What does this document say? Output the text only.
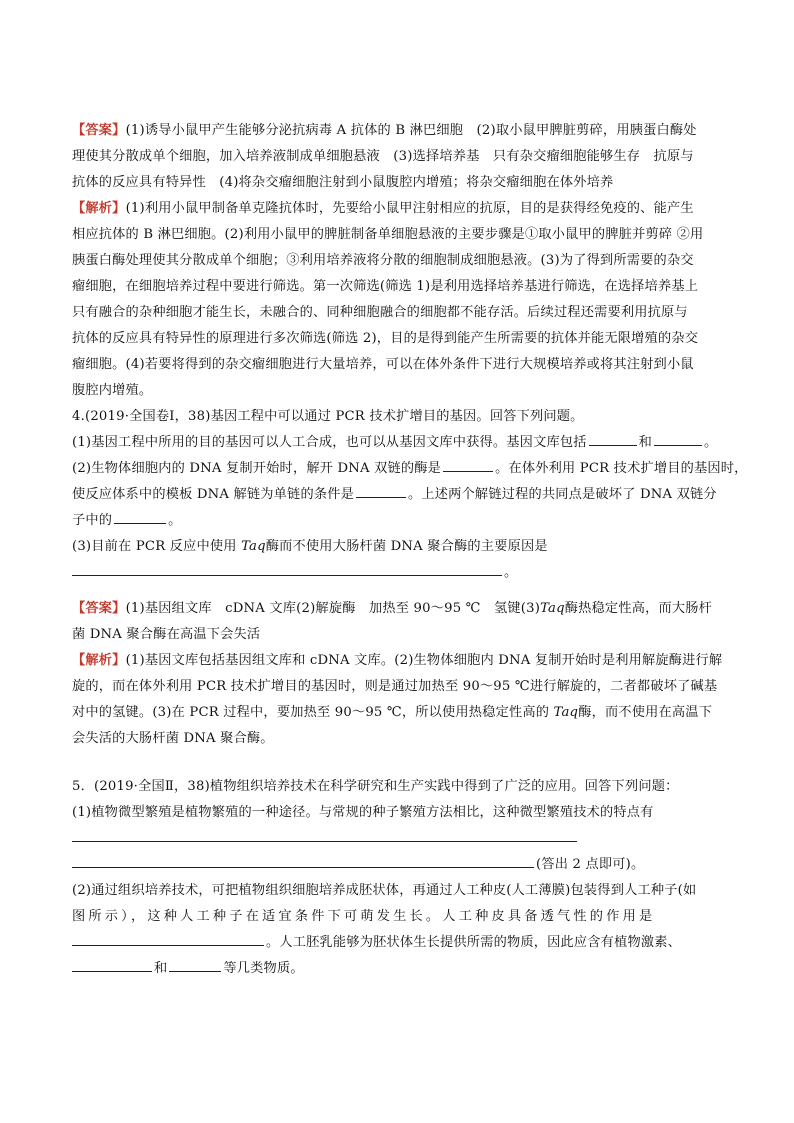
【答案】(1)诱导小鼠甲产生能够分泌抗病毒 A 抗体的 B 淋巴细胞　(2)取小鼠甲脾脏剪碎，用胰蛋白酶处
理使其分散成单个细胞，加入培养液制成单细胞悬液　(3)选择培养基　只有杂交瘤细胞能够生存　抗原与
抗体的反应具有特异性　(4)将杂交瘤细胞注射到小鼠腹腔内增殖；将杂交瘤细胞在体外培养
【解析】(1)利用小鼠甲制备单克隆抗体时，先要给小鼠甲注射相应的抗原，目的是获得经免疫的、能产生
相应抗体的 B 淋巴细胞。(2)利用小鼠甲的脾脏制备单细胞悬液的主要步骤是①取小鼠甲的脾脏并剪碎 ②用
胰蛋白酶处理使其分散成单个细胞；③利用培养液将分散的细胞制成细胞悬液。(3)为了得到所需要的杂交
瘤细胞，在细胞培养过程中要进行筛选。第一次筛选(筛选 1)是利用选择培养基进行筛选，在选择培养基上
只有融合的杂种细胞才能生长，未融合的、同种细胞融合的细胞都不能存活。后续过程还需要利用抗原与
抗体的反应具有特异性的原理进行多次筛选(筛选 2)，目的是得到能产生所需要的抗体并能无限增殖的杂交
瘤细胞。(4)若要将得到的杂交瘤细胞进行大量培养，可以在体外条件下进行大规模培养或将其注射到小鼠
腹腔内增殖。
4.(2019·全国卷Ⅰ，38)基因工程中可以通过 PCR 技术扩增目的基因。回答下列问题。
(1)基因工程中所用的目的基因可以人工合成，也可以从基因文库中获得。基因文库包括	和	。
(2)生物体细胞内的 DNA 复制开始时，解开 DNA 双链的酶是	。在体外利用 PCR 技术扩增目的基因时，
使反应体系中的模板 DNA 解链为单链的条件是	。上述两个解链过程的共同点是破坏了 DNA 双链分
子中的	。
(3)目前在 PCR 反应中使用 Taq酶而不使用大肠杆菌 DNA 聚合酶的主要原因是
。
【答案】(1)基因组文库　cDNA 文库(2)解旋酶　加热至 90～95 ℃　氢键(3)Taq酶热稳定性高，而大肠杆
菌 DNA 聚合酶在高温下会失活
【解析】(1)基因文库包括基因组文库和 cDNA 文库。(2)生物体细胞内 DNA 复制开始时是利用解旋酶进行解
旋的，而在体外利用 PCR 技术扩增目的基因时，则是通过加热至 90～95 ℃进行解旋的，二者都破坏了碱基
对中的氢键。(3)在 PCR 过程中，要加热至 90～95 ℃，所以使用热稳定性高的 Taq酶，而不使用在高温下
会失活的大肠杆菌 DNA 聚合酶。
5．(2019·全国Ⅱ，38)植物组织培养技术在科学研究和生产实践中得到了广泛的应用。回答下列问题：
(1)植物微型繁殖是植物繁殖的一种途径。与常规的种子繁殖方法相比，这种微型繁殖技术的特点有
(答出 2 点即可)。
(2)通过组织培养技术，可把植物组织细胞培养成胚状体，再通过人工种皮(人工薄膜)包装得到人工种子(如
图所示），这种人工种子在适宜条件下可萌发生长。人工种皮具备透气性的作用是
。人工胚乳能够为胚状体生长提供所需的物质，因此应含有植物激素、
和	等几类物质。
